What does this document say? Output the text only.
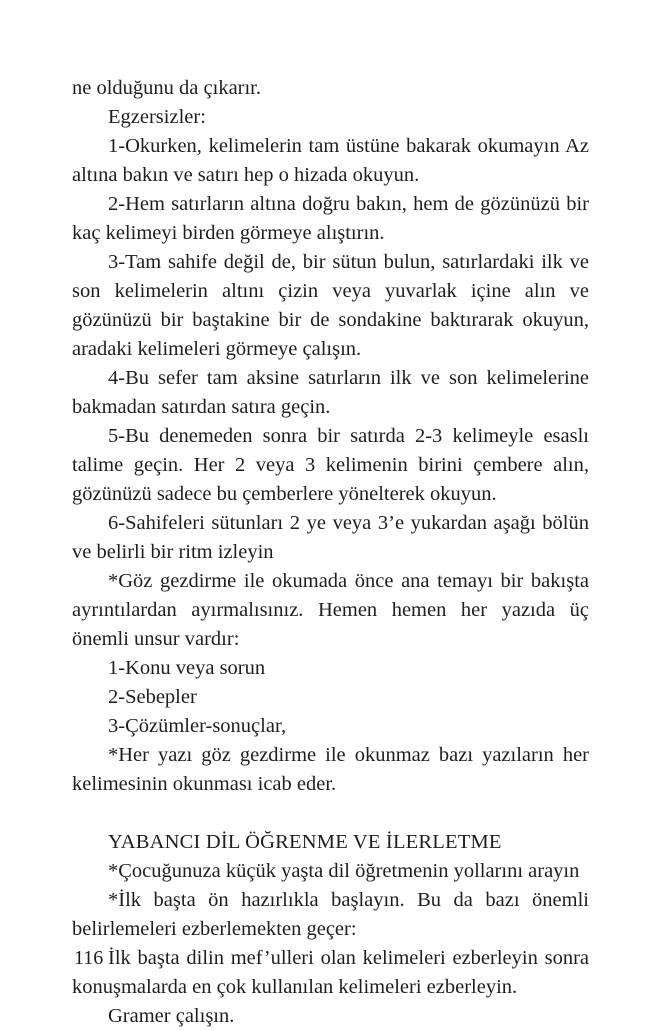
ne olduğunu da çıkarır.

Egzersizler:

1-Okurken, kelimelerin tam üstüne bakarak okumayın Az altına bakın ve satırı hep o hizada okuyun.

2-Hem satırların altına doğru bakın, hem de gözünüzü bir kaç kelimeyi birden görmeye alıştırın.

3-Tam sahife değil de, bir sütun bulun, satırlardaki ilk ve son kelimelerin altını çizin veya yuvarlak içine alın ve gözünüzü bir baştakine bir de sondakine baktırarak okuyun, aradaki kelimeleri görmeye çalışın.

4-Bu sefer tam aksine satırların ilk ve son kelimelerine bakmadan satırdan satıra geçin.

5-Bu denemeden sonra bir satırda 2-3 kelimeyle esaslı talime geçin. Her 2 veya 3 kelimenin birini çembere alın, gözünüzü sadece bu çemberlere yönelterek okuyun.

6-Sahifeleri sütunları 2 ye veya 3’e yukardan aşağı bölün ve belirli bir ritm izleyin

*Göz gezdirme ile okumada önce ana temayı bir bakışta ayrıntılardan ayırmalısınız. Hemen hemen her yazıda üç önemli unsur vardır:

1-Konu veya sorun

2-Sebepler

3-Çözümler-sonuçlar,

*Her yazı göz gezdirme ile okunmaz bazı yazıların her kelimesinin okunması icab eder.

YABANCI DİL ÖĞRENME VE İLERLETME

*Çocuğunuza küçük yaşta dil öğretmenin yollarını arayın

*İlk başta ön hazırlıkla başlayın. Bu da bazı önemli belirlemeleri ezberlemekten geçer:

İlk başta dilin mef’ulleri olan kelimeleri ezberleyin sonra konuşmalarda en çok kullanılan kelimeleri ezberleyin.

Gramer çalışın.

116
